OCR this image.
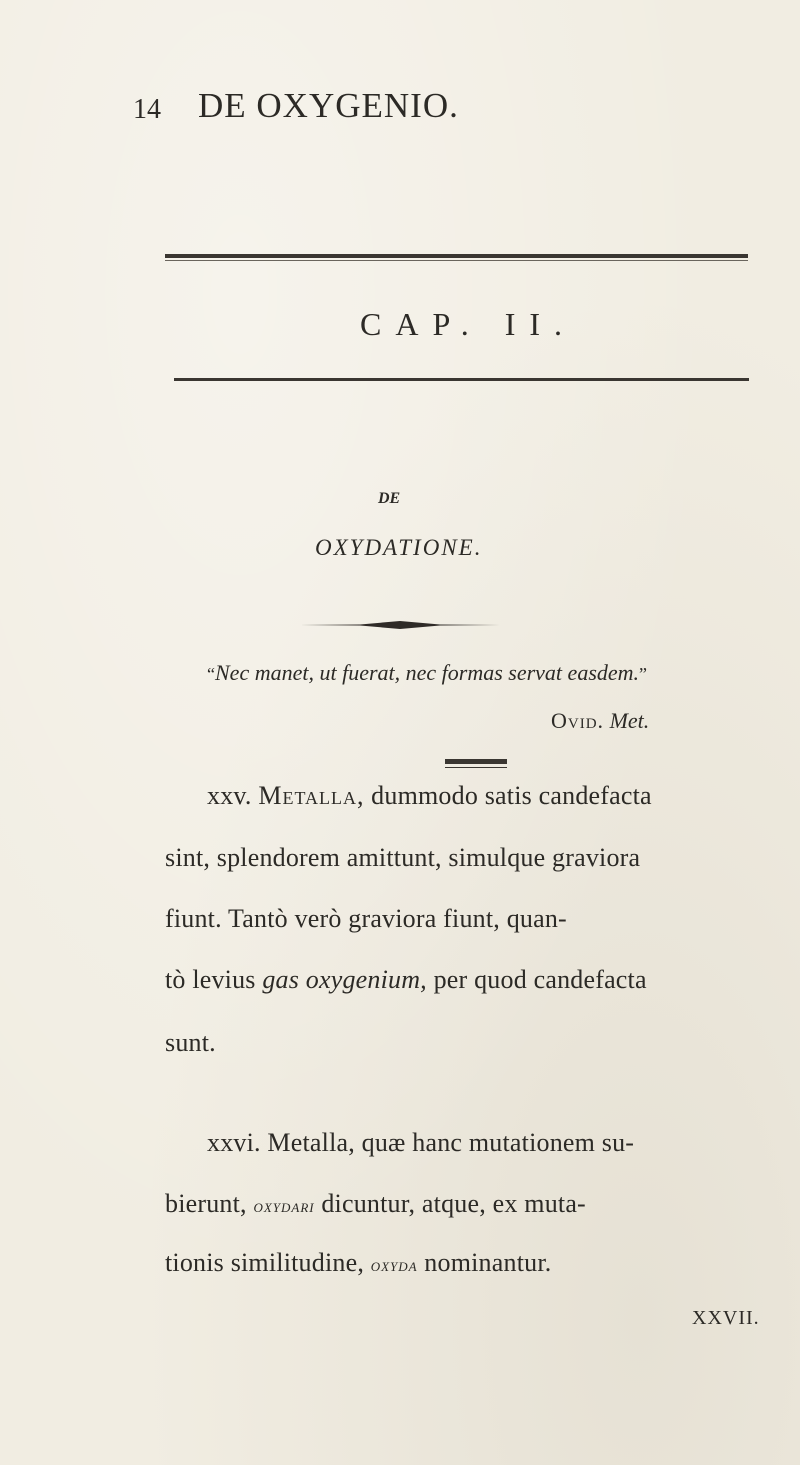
14 DE OXYGENIO.
CAP. II.
DE
OXYDATIONE.
“Nec manet, ut fuerat, nec formas servat easdem.”
Ovid. Met.
xxv. Metalla, dummodo satis candefacta
sint, splendorem amittunt, simulque graviora
fiunt. Tantò verò graviora fiunt, quan-
tò levius gas oxygenium, per quod candefacta
sunt.
xxvi. Metalla, quæ hanc mutationem su-
bierunt, oxydari dicuntur, atque, ex muta-
tionis similitudine, oxyda nominantur.
XXVII.
